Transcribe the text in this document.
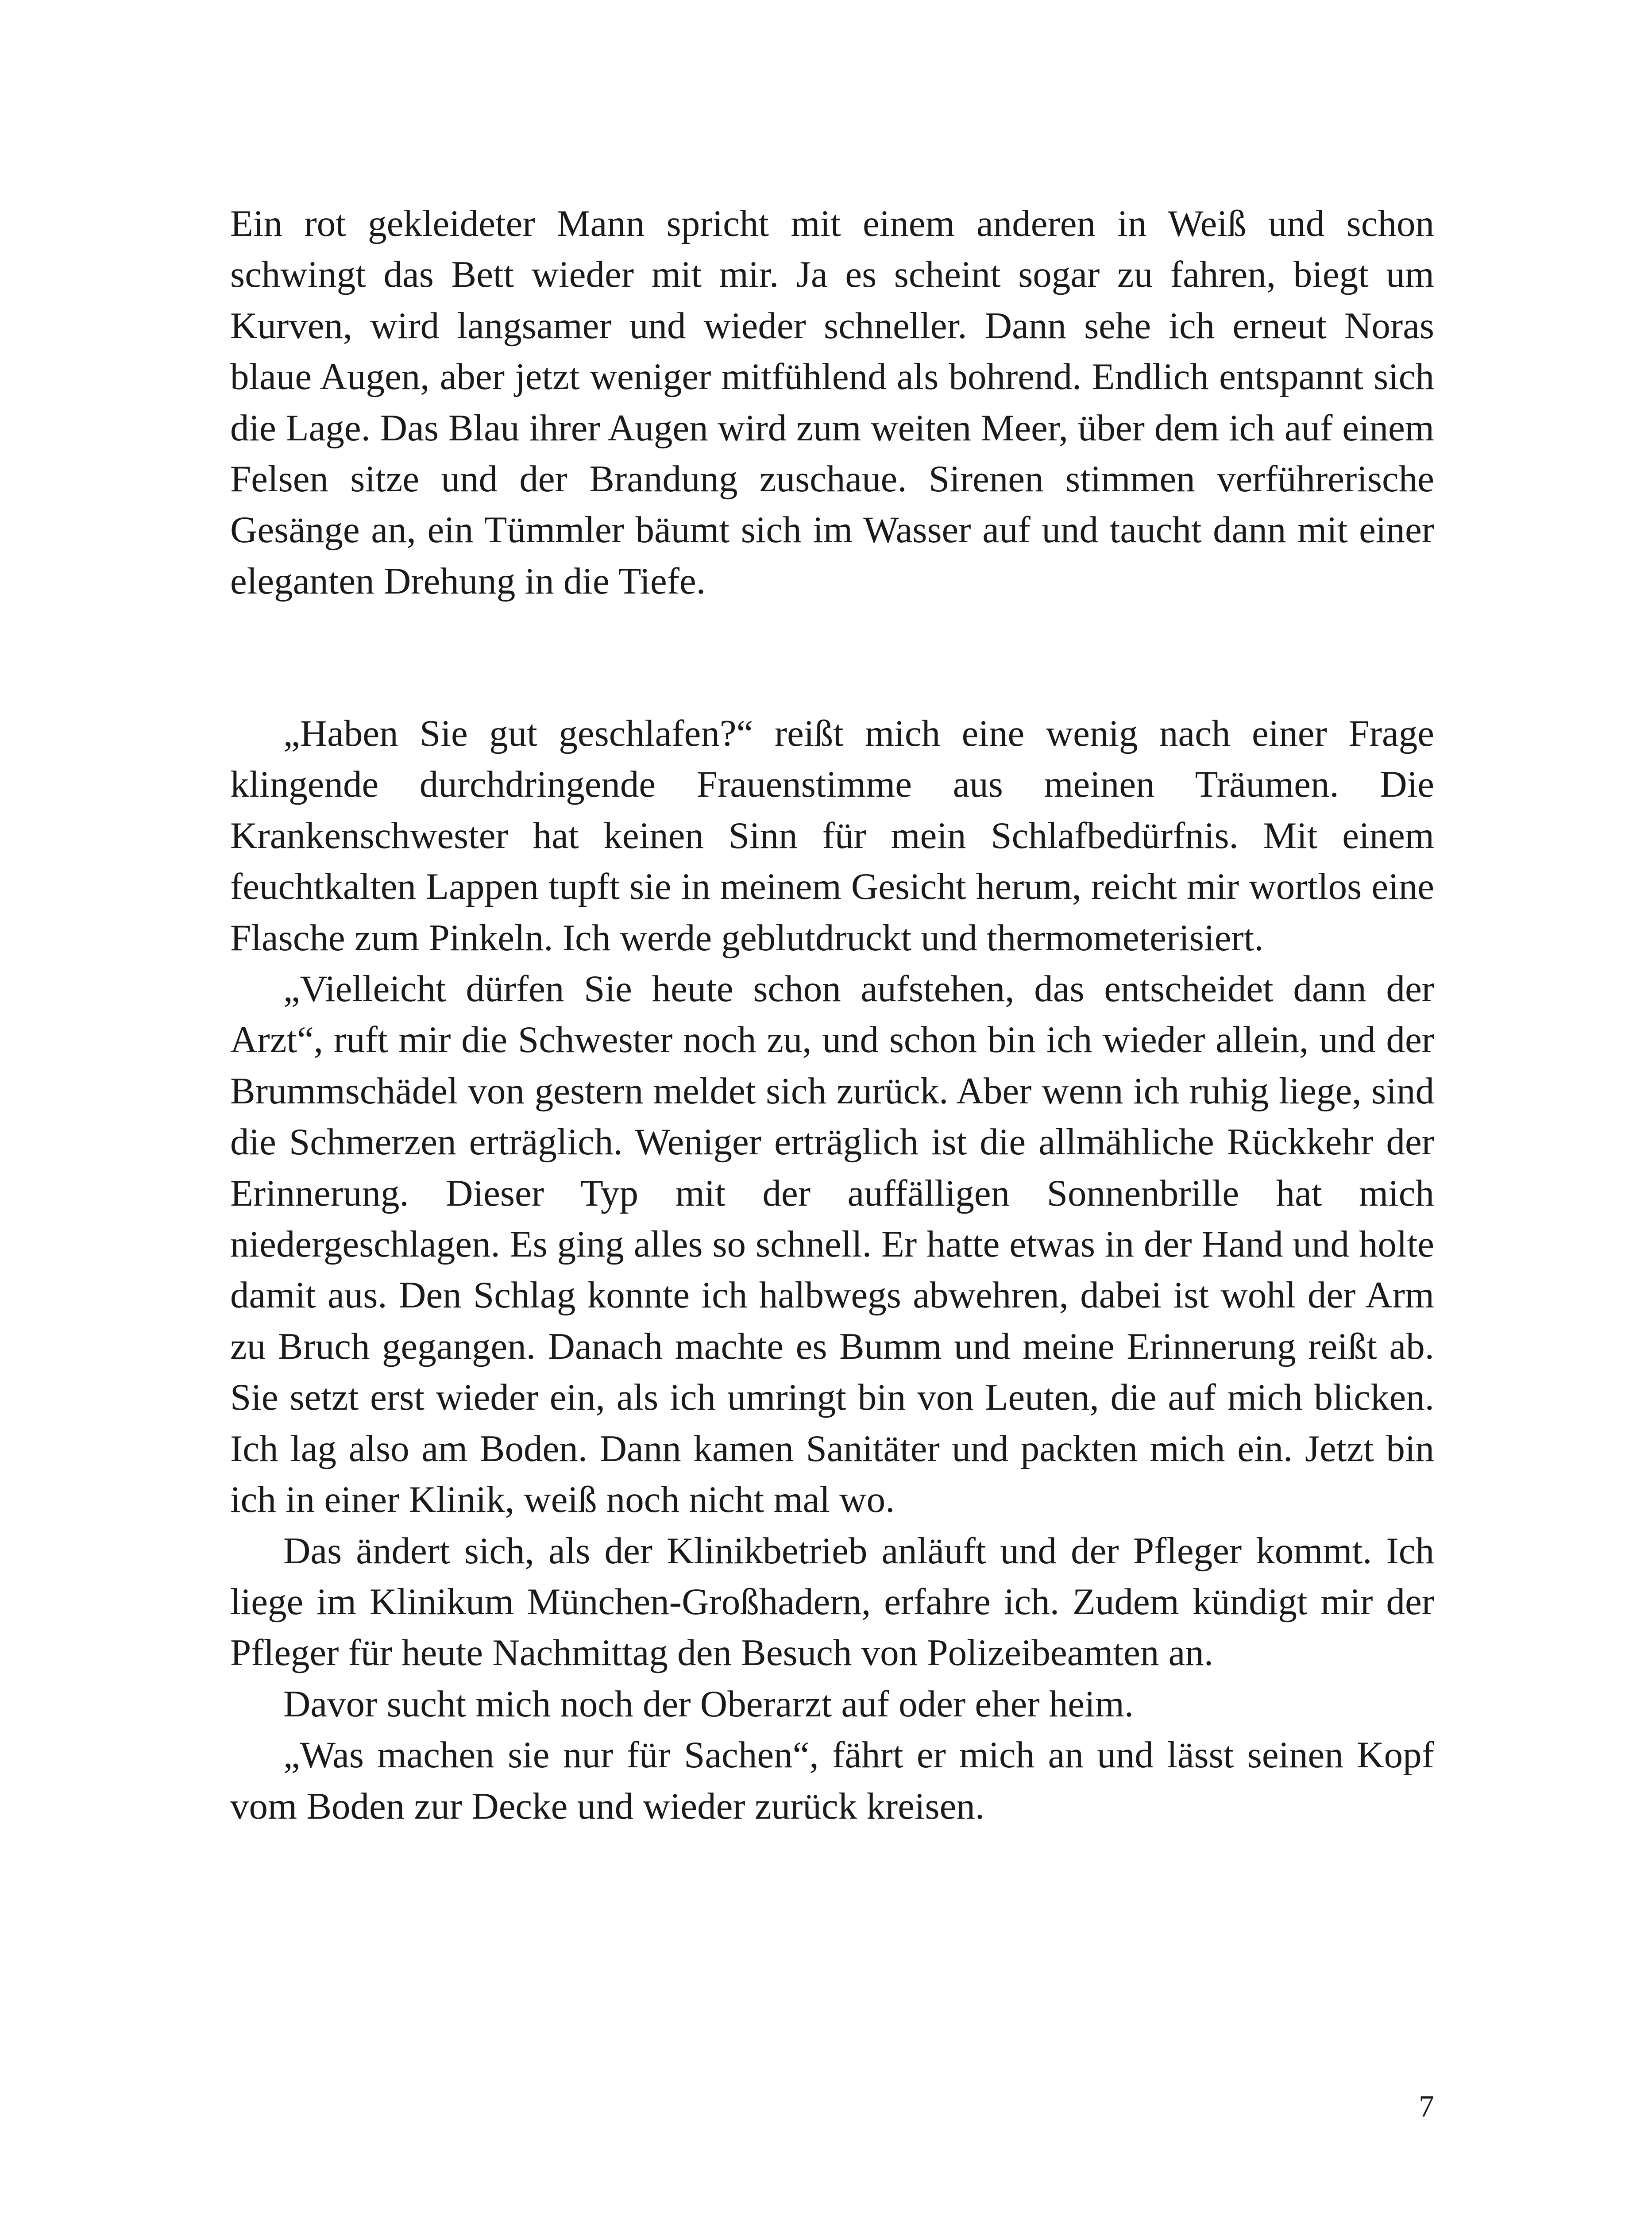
Ein rot gekleideter Mann spricht mit einem anderen in Weiß und schon schwingt das Bett wieder mit mir. Ja es scheint sogar zu fahren, biegt um Kurven, wird langsamer und wieder schneller. Dann sehe ich erneut Noras blaue Augen, aber jetzt weniger mitfühlend als bohrend. Endlich entspannt sich die Lage. Das Blau ihrer Augen wird zum weiten Meer, über dem ich auf einem Felsen sitze und der Brandung zuschaue. Sirenen stimmen verführerische Gesänge an, ein Tümmler bäumt sich im Wasser auf und taucht dann mit einer eleganten Drehung in die Tiefe.

„Haben Sie gut geschlafen?“ reißt mich eine wenig nach einer Frage klingende durchdringende Frauenstimme aus meinen Träumen. Die Krankenschwester hat keinen Sinn für mein Schlafbedürfnis. Mit einem feuchtkalten Lappen tupft sie in meinem Gesicht herum, reicht mir wortlos eine Flasche zum Pinkeln. Ich werde geblutdruckt und thermometerisiert.

„Vielleicht dürfen Sie heute schon aufstehen, das entscheidet dann der Arzt“, ruft mir die Schwester noch zu, und schon bin ich wieder allein, und der Brummschädel von gestern meldet sich zurück. Aber wenn ich ruhig liege, sind die Schmerzen erträglich. Weniger erträglich ist die allmähliche Rückkehr der Erinnerung. Dieser Typ mit der auffälligen Sonnenbrille hat mich niedergeschlagen. Es ging alles so schnell. Er hatte etwas in der Hand und holte damit aus. Den Schlag konnte ich halbwegs abwehren, dabei ist wohl der Arm zu Bruch gegangen. Danach machte es Bumm und meine Erinnerung reißt ab. Sie setzt erst wieder ein, als ich umringt bin von Leuten, die auf mich blicken. Ich lag also am Boden. Dann kamen Sanitäter und packten mich ein. Jetzt bin ich in einer Klinik, weiß noch nicht mal wo.

Das ändert sich, als der Klinikbetrieb anläuft und der Pfleger kommt. Ich liege im Klinikum München-Großhadern, erfahre ich. Zudem kündigt mir der Pfleger für heute Nachmittag den Besuch von Polizeibeamten an.

Davor sucht mich noch der Oberarzt auf oder eher heim.

„Was machen sie nur für Sachen“, fährt er mich an und lässt seinen Kopf vom Boden zur Decke und wieder zurück kreisen.

7
